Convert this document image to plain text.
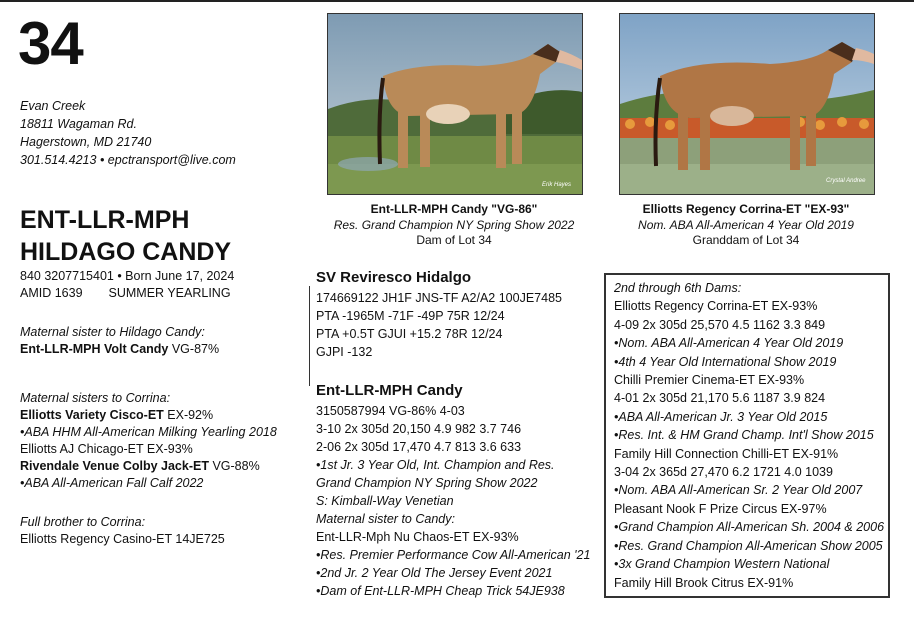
34
Evan Creek
18811 Wagaman Rd.
Hagerstown, MD 21740
301.514.4213 • epctransport@live.com
ENT-LLR-MPH
HILDAGO CANDY
840 3207715401 • Born June 17, 2024
AMID 1639 SUMMER YEARLING
Maternal sister to Hildago Candy:
Ent-LLR-MPH Volt Candy VG-87%
Maternal sisters to Corrina:
Elliotts Variety Cisco-ET EX-92%
•ABA HHM All-American Milking Yearling 2018
Elliotts AJ Chicago-ET EX-93%
Rivendale Venue Colby Jack-ET VG-88%
•ABA All-American Fall Calf 2022
Full brother to Corrina:
Elliotts Regency Casino-ET 14JE725
Erik Hayes
Ent-LLR-MPH Candy "VG-86"
Res. Grand Champion NY Spring Show 2022
Dam of Lot 34
Crystal Andree
Elliotts Regency Corrina-ET "EX-93"
Nom. ABA All-American 4 Year Old 2019
Granddam of Lot 34
SV Reviresco Hidalgo
174669122 JH1F JNS-TF A2/A2 100JE7485
PTA -1965M -71F -49P 75R 12/24
PTA +0.5T GJUI +15.2 78R 12/24
GJPI -132
Ent-LLR-MPH Candy
3150587994 VG-86% 4-03
3-10 2x 305d 20,150 4.9 982 3.7 746
2-06 2x 305d 17,470 4.7 813 3.6 633
•1st Jr. 3 Year Old, Int. Champion and Res.
Grand Champion NY Spring Show 2022
S: Kimball-Way Venetian
Maternal sister to Candy:
Ent-LLR-Mph Nu Chaos-ET EX-93%
•Res. Premier Performance Cow All-American '21
•2nd Jr. 2 Year Old The Jersey Event 2021
•Dam of Ent-LLR-MPH Cheap Trick 54JE938
2nd through 6th Dams:
Elliotts Regency Corrina-ET EX-93%
4-09 2x 305d 25,570 4.5 1162 3.3 849
•Nom. ABA All-American 4 Year Old 2019
•4th 4 Year Old International Show 2019
Chilli Premier Cinema-ET EX-93%
4-01 2x 305d 21,170 5.6 1187 3.9 824
•ABA All-American Jr. 3 Year Old 2015
•Res. Int. & HM Grand Champ. Int'l Show 2015
Family Hill Connection Chilli-ET EX-91%
3-04 2x 365d 27,470 6.2 1721 4.0 1039
•Nom. ABA All-American Sr. 2 Year Old 2007
Pleasant Nook F Prize Circus EX-97%
•Grand Champion All-American Sh. 2004 & 2006
•Res. Grand Champion All-American Show 2005
•3x Grand Champion Western National
Family Hill Brook Citrus EX-91%
